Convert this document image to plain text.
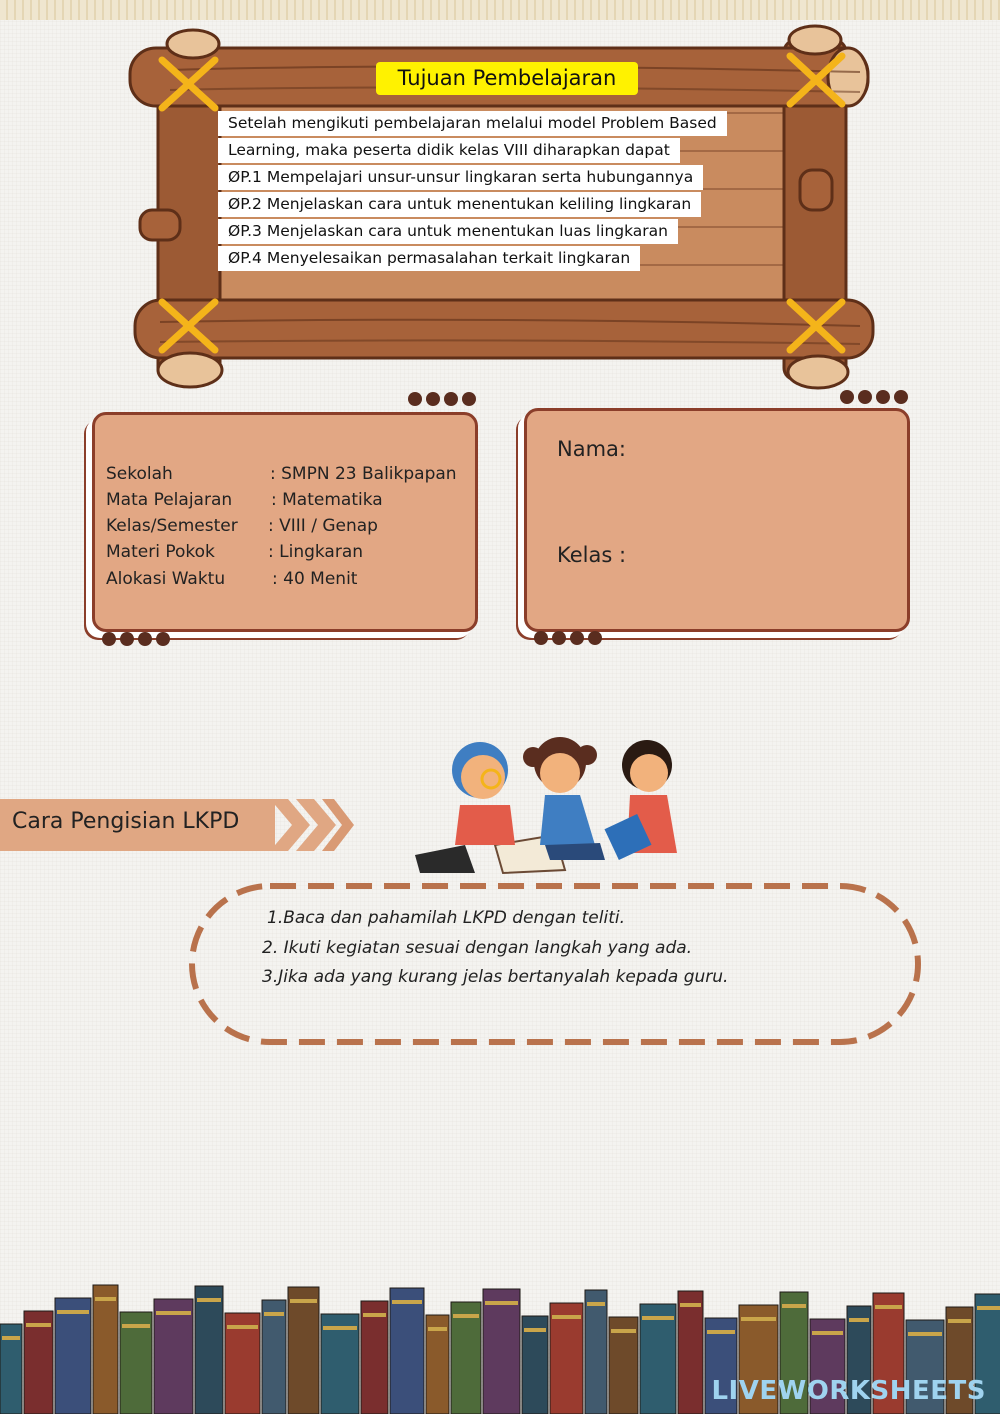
Tujuan Pembelajaran
Setelah mengikuti pembelajaran melalui model Problem Based
Learning, maka peserta didik kelas VIII diharapkan dapat
ØP.1 Mempelajari unsur-unsur lingkaran serta hubungannya
ØP.2 Menjelaskan cara untuk menentukan keliling lingkaran
ØP.3 Menjelaskan cara untuk menentukan luas lingkaran
ØP.4 Menyelesaikan permasalahan terkait lingkaran
Sekolah	: SMPN 23 Balikpapan
Mata Pelajaran : Matematika
Kelas/Semester : VIII / Genap
Materi Pokok	: Lingkaran
Alokasi Waktu	: 40 Menit
Nama:
Kelas :
Cara Pengisian LKPD
1.Baca dan pahamilah LKPD dengan teliti.
2. Ikuti kegiatan sesuai dengan langkah yang ada.
3.Jika ada yang kurang jelas bertanyalah kepada guru.
LIVEWORKSHEETS
